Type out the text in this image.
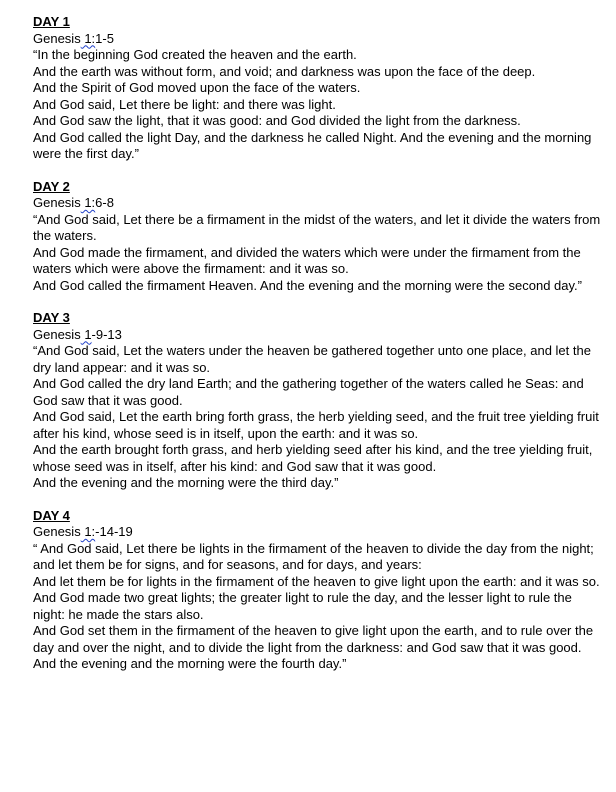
DAY 1

Genesis 1:1-5

“In the beginning God created the heaven and the earth.

And the earth was without form, and void; and darkness was upon the face of the deep.

And the Spirit of God moved upon the face of the waters.

And God said, Let there be light: and there was light.

And God saw the light, that it was good: and God divided the light from the darkness.

And God called the light Day, and the darkness he called Night. And the evening and the morning were the first day.”

DAY 2

Genesis 1:6-8

“And God said, Let there be a firmament in the midst of the waters, and let it divide the waters from the waters.

And God made the firmament, and divided the waters which were under the firmament from the waters which were above the firmament: and it was so.

And God called the firmament Heaven. And the evening and the morning were the second day.”

DAY 3

Genesis 1-9-13

“And God said, Let the waters under the heaven be gathered together unto one place, and let the dry land appear: and it was so.

And God called the dry land Earth; and the gathering together of the waters called he Seas: and God saw that it was good.

And God said, Let the earth bring forth grass, the herb yielding seed, and the fruit tree yielding fruit after his kind, whose seed is in itself, upon the earth: and it was so.

And the earth brought forth grass, and herb yielding seed after his kind, and the tree yielding fruit, whose seed was in itself, after his kind: and God saw that it was good.

And the evening and the morning were the third day.”

DAY 4

Genesis 1:-14-19

“ And God said, Let there be lights in the firmament of the heaven to divide the day from the night; and let them be for signs, and for seasons, and for days, and years:

And let them be for lights in the firmament of the heaven to give light upon the earth: and it was so.

And God made two great lights; the greater light to rule the day, and the lesser light to rule the night: he made the stars also.

And God set them in the firmament of the heaven to give light upon the earth, and to rule over the day and over the night, and to divide the light from the darkness: and God saw that it was good.

And the evening and the morning were the fourth day.”
